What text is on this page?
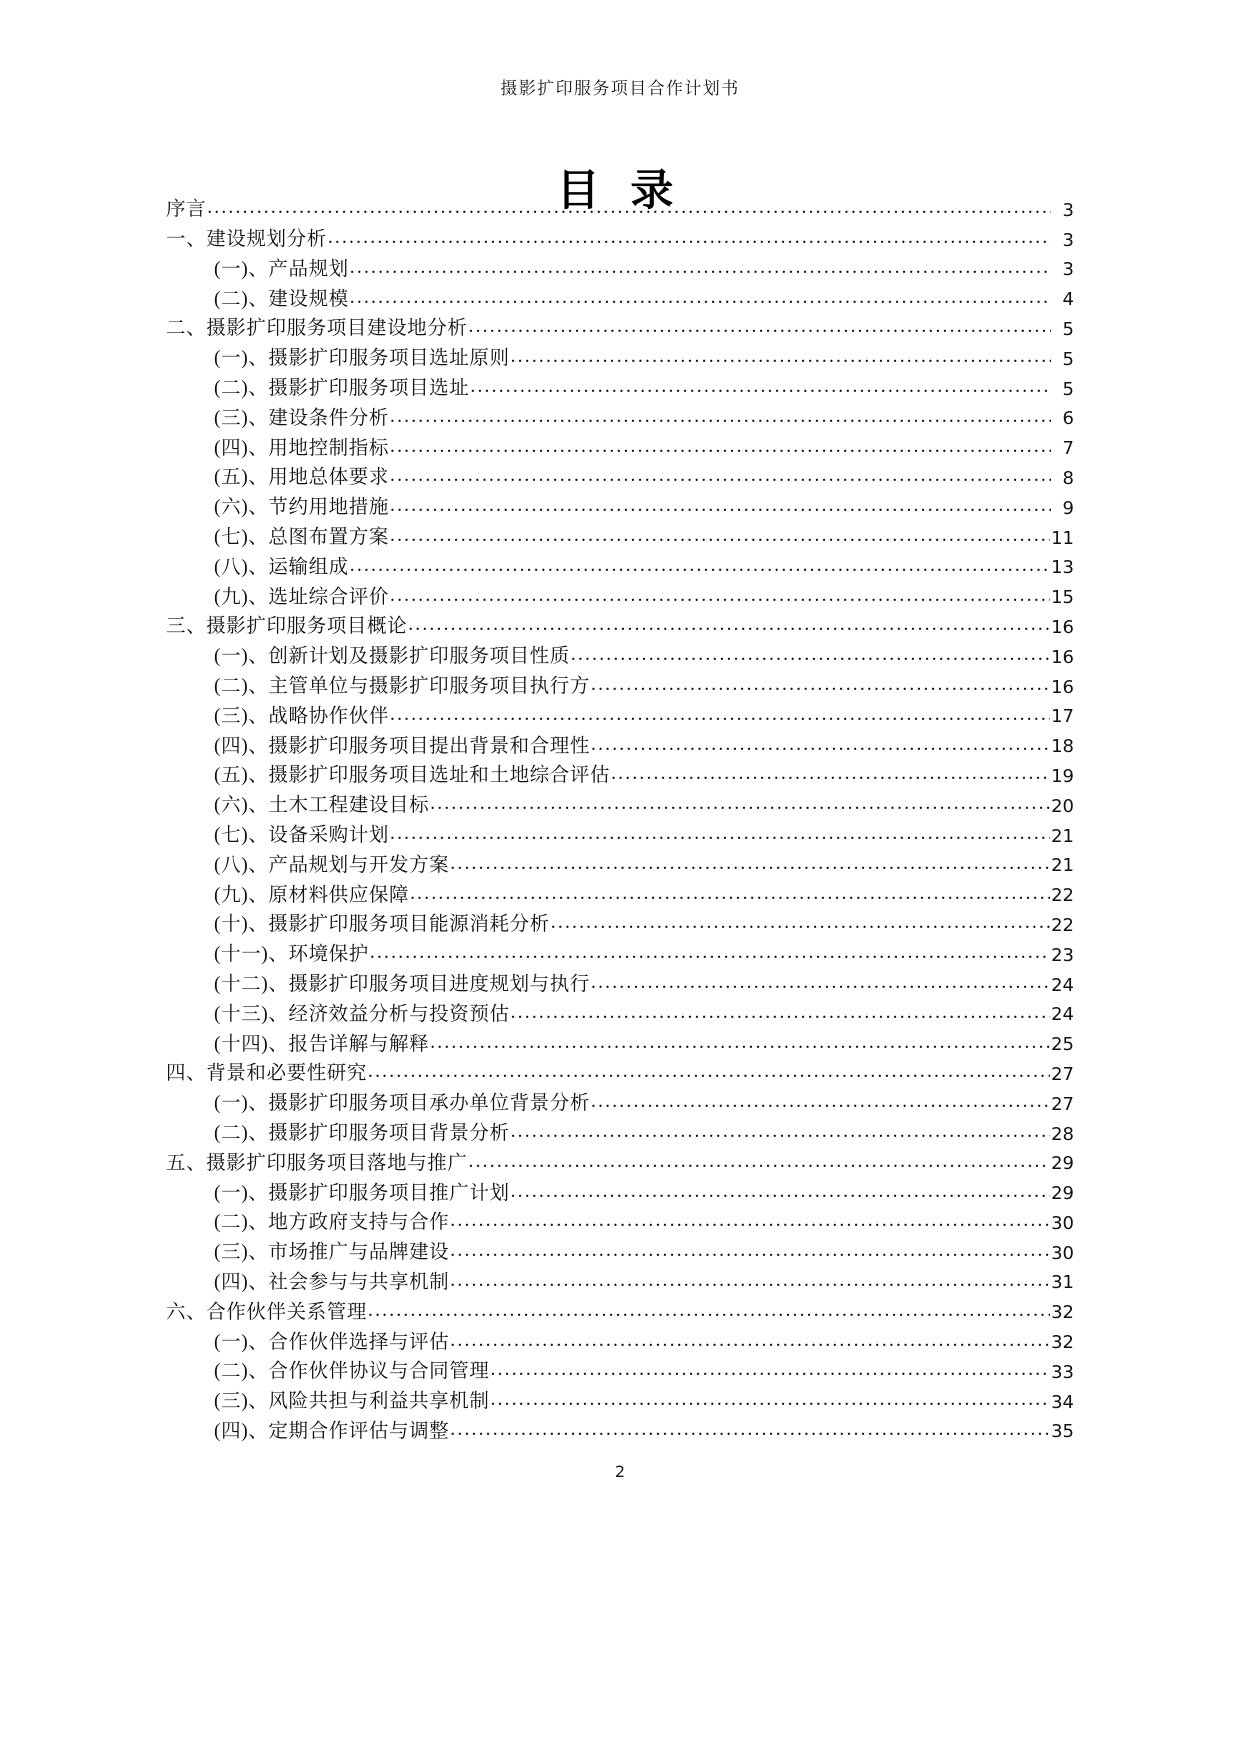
摄影扩印服务项目合作计划书
目 录
序言 .....	3
一、建设规划分析 .....	3
(一)、产品规划 .....	3
(二)、建设规模 .....	4
二、摄影扩印服务项目建设地分析 .....	5
(一)、摄影扩印服务项目选址原则 .....	5
(二)、摄影扩印服务项目选址 .....	5
(三)、建设条件分析 .....	6
(四)、用地控制指标 .....	7
(五)、用地总体要求 .....	8
(六)、节约用地措施 .....	9
(七)、总图布置方案 .....	11
(八)、运输组成 .....	13
(九)、选址综合评价 .....	15
三、摄影扩印服务项目概论 .....	16
(一)、创新计划及摄影扩印服务项目性质 .....	16
(二)、主管单位与摄影扩印服务项目执行方 .....	16
(三)、战略协作伙伴 .....	17
(四)、摄影扩印服务项目提出背景和合理性 .....	18
(五)、摄影扩印服务项目选址和土地综合评估 .....	19
(六)、土木工程建设目标 .....	20
(七)、设备采购计划 .....	21
(八)、产品规划与开发方案 .....	21
(九)、原材料供应保障 .....	22
(十)、摄影扩印服务项目能源消耗分析 .....	22
(十一)、环境保护 .....	23
(十二)、摄影扩印服务项目进度规划与执行 .....	24
(十三)、经济效益分析与投资预估 .....	24
(十四)、报告详解与解释 .....	25
四、背景和必要性研究 .....	27
(一)、摄影扩印服务项目承办单位背景分析 .....	27
(二)、摄影扩印服务项目背景分析 .....	28
五、摄影扩印服务项目落地与推广 .....	29
(一)、摄影扩印服务项目推广计划 .....	29
(二)、地方政府支持与合作 .....	30
(三)、市场推广与品牌建设 .....	30
(四)、社会参与与共享机制 .....	31
六、合作伙伴关系管理 .....	32
(一)、合作伙伴选择与评估 .....	32
(二)、合作伙伴协议与合同管理 .....	33
(三)、风险共担与利益共享机制 .....	34
(四)、定期合作评估与调整 .....	35
2
